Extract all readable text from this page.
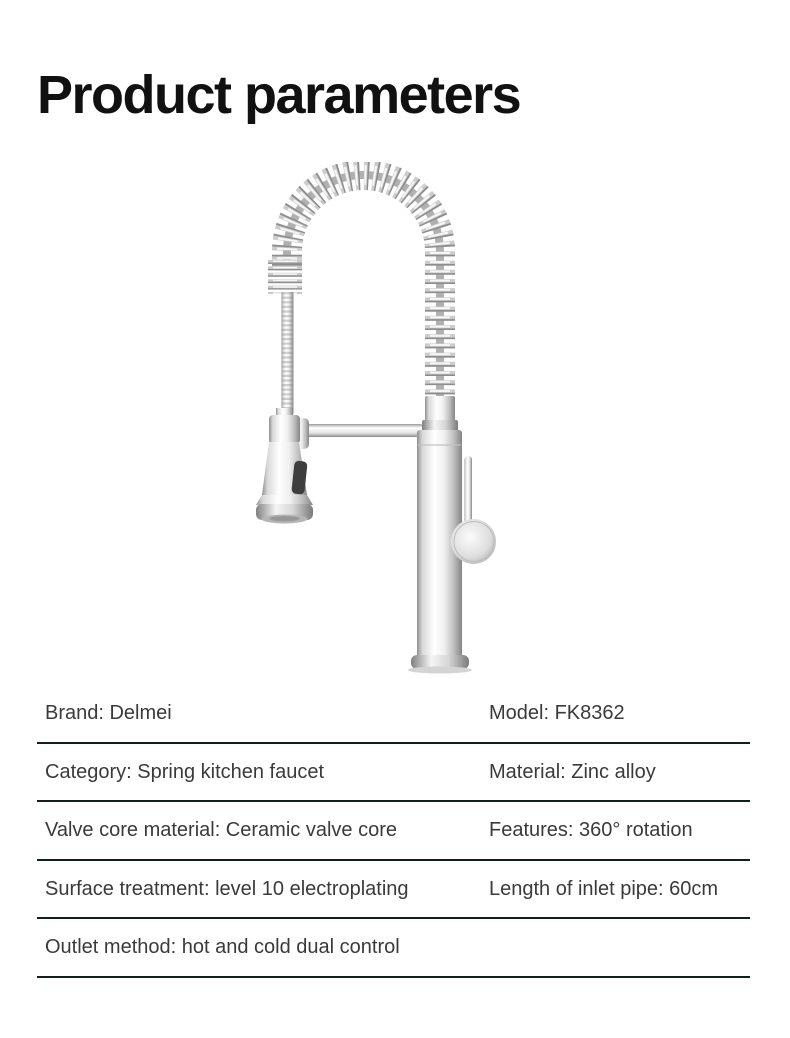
Product parameters
Brand: Delmei	Model: FK8362
Category: Spring kitchen faucet	Material: Zinc alloy
Valve core material: Ceramic valve core	Features: 360° rotation
Surface treatment: level 10 electroplating	Length of inlet pipe: 60cm
Outlet method: hot and cold dual control
